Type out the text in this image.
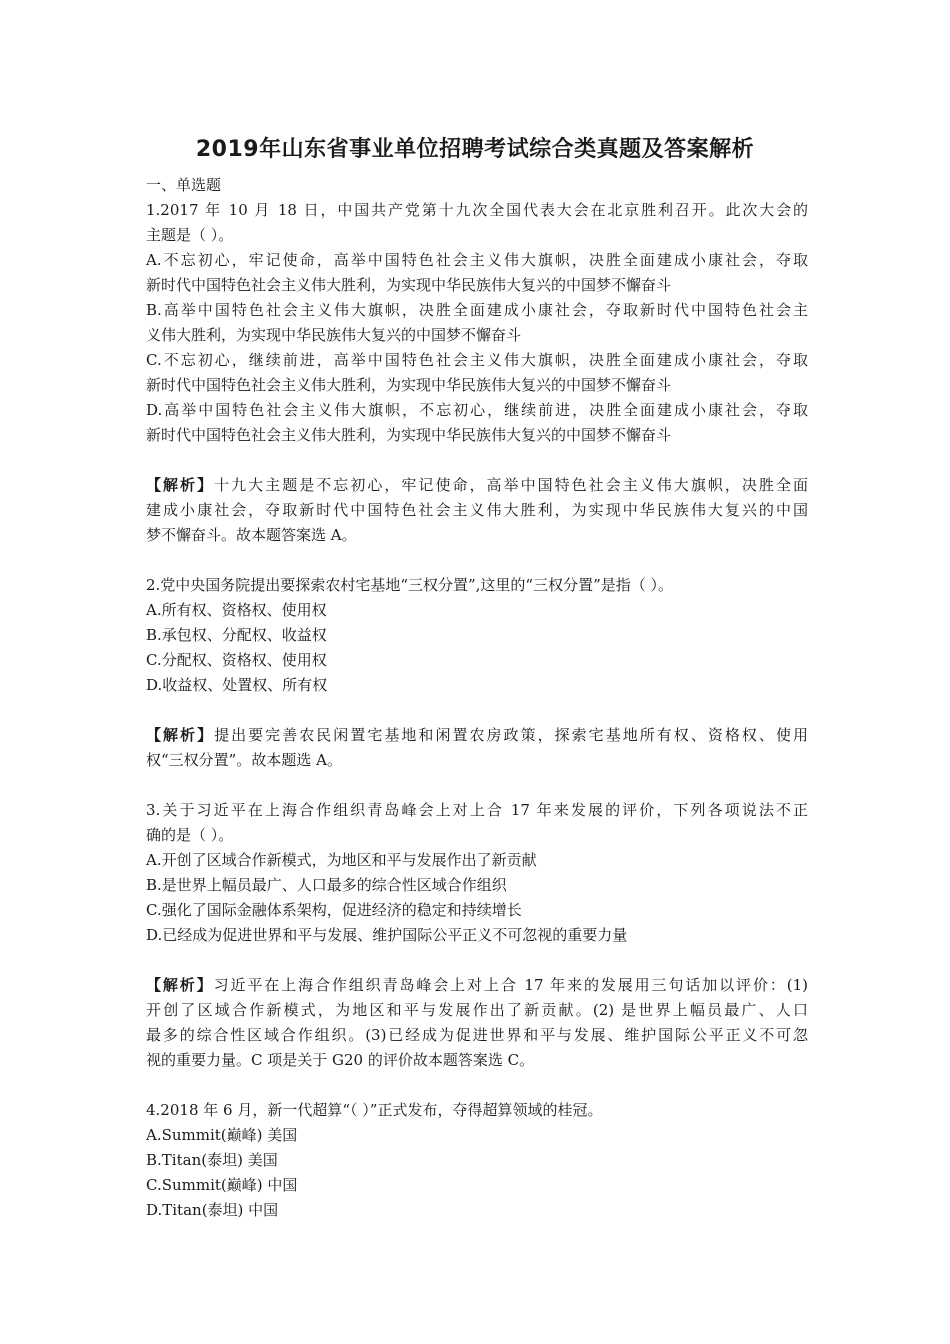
2019年山东省事业单位招聘考试综合类真题及答案解析
一、单选题
1.2017 年 10 月 18 日，中国共产党第十九次全国代表大会在北京胜利召开。此次大会的
主题是（ ）。
A.不忘初心，牢记使命，高举中国特色社会主义伟大旗帜，决胜全面建成小康社会，夺取
新时代中国特色社会主义伟大胜利，为实现中华民族伟大复兴的中国梦不懈奋斗
B.高举中国特色社会主义伟大旗帜，决胜全面建成小康社会，夺取新时代中国特色社会主
义伟大胜利，为实现中华民族伟大复兴的中国梦不懈奋斗
C.不忘初心，继续前进，高举中国特色社会主义伟大旗帜，决胜全面建成小康社会，夺取
新时代中国特色社会主义伟大胜利，为实现中华民族伟大复兴的中国梦不懈奋斗
D.高举中国特色社会主义伟大旗帜，不忘初心，继续前进，决胜全面建成小康社会，夺取
新时代中国特色社会主义伟大胜利，为实现中华民族伟大复兴的中国梦不懈奋斗
【解析】十九大主题是不忘初心，牢记使命，高举中国特色社会主义伟大旗帜，决胜全面
建成小康社会，夺取新时代中国特色社会主义伟大胜利，为实现中华民族伟大复兴的中国
梦不懈奋斗。故本题答案选 A。
2.党中央国务院提出要探索农村宅基地“三权分置”,这里的“三权分置”是指（ ）。
A.所有权、资格权、使用权
B.承包权、分配权、收益权
C.分配权、资格权、使用权
D.收益权、处置权、所有权
【解析】提出要完善农民闲置宅基地和闲置农房政策，探索宅基地所有权、资格权、使用
权“三权分置”。故本题选 A。
3.关于习近平在上海合作组织青岛峰会上对上合 17 年来发展的评价，下列各项说法不正
确的是（ ）。
A.开创了区域合作新模式，为地区和平与发展作出了新贡献
B.是世界上幅员最广、人口最多的综合性区域合作组织
C.强化了国际金融体系架构，促进经济的稳定和持续增长
D.已经成为促进世界和平与发展、维护国际公平正义不可忽视的重要力量
【解析】习近平在上海合作组织青岛峰会上对上合 17 年来的发展用三句话加以评价：(1)
开创了区域合作新模式，为地区和平与发展作出了新贡献。(2) 是世界上幅员最广、人口
最多的综合性区域合作组织。(3)已经成为促进世界和平与发展、维护国际公平正义不可忽
视的重要力量。C 项是关于 G20 的评价故本题答案选 C。
4.2018 年 6 月，新一代超算“（ ）”正式发布，夺得超算领域的桂冠。
A.Summit(巅峰) 美国
B.Titan(泰坦) 美国
C.Summit(巅峰) 中国
D.Titan(泰坦) 中国
